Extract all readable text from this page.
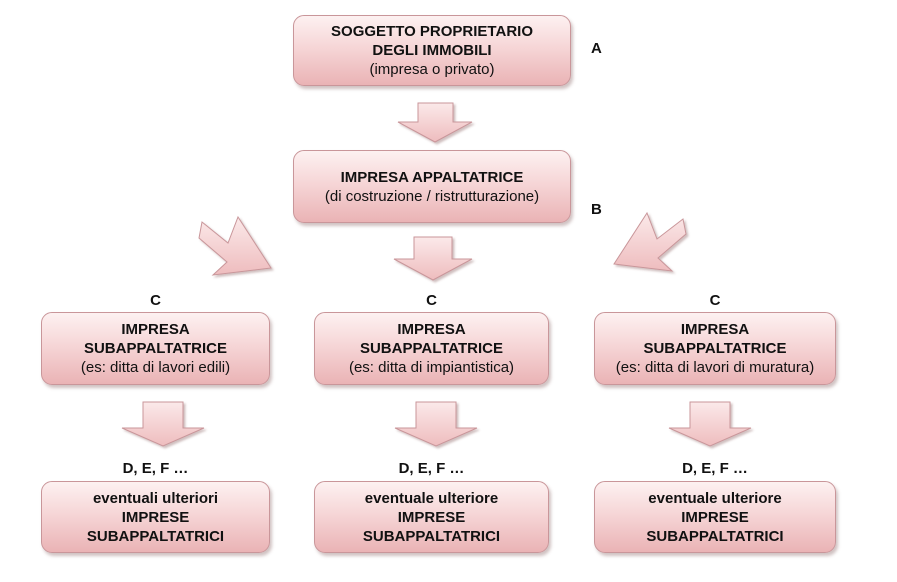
SOGGETTO PROPRIETARIO
DEGLI IMMOBILI
(impresa o privato)
A
IMPRESA APPALTATRICE
(di costruzione / ristrutturazione)
B
C
IMPRESA
SUBAPPALTATRICE
(es: ditta di lavori edili)
D, E, F …
eventuali ulteriori
IMPRESE
SUBAPPALTATRICI
C
IMPRESA
SUBAPPALTATRICE
(es: ditta di impiantistica)
D, E, F …
eventuale ulteriore
IMPRESE
SUBAPPALTATRICI
C
IMPRESA
SUBAPPALTATRICE
(es: ditta di lavori di muratura)
D, E, F …
eventuale ulteriore
IMPRESE
SUBAPPALTATRICI
